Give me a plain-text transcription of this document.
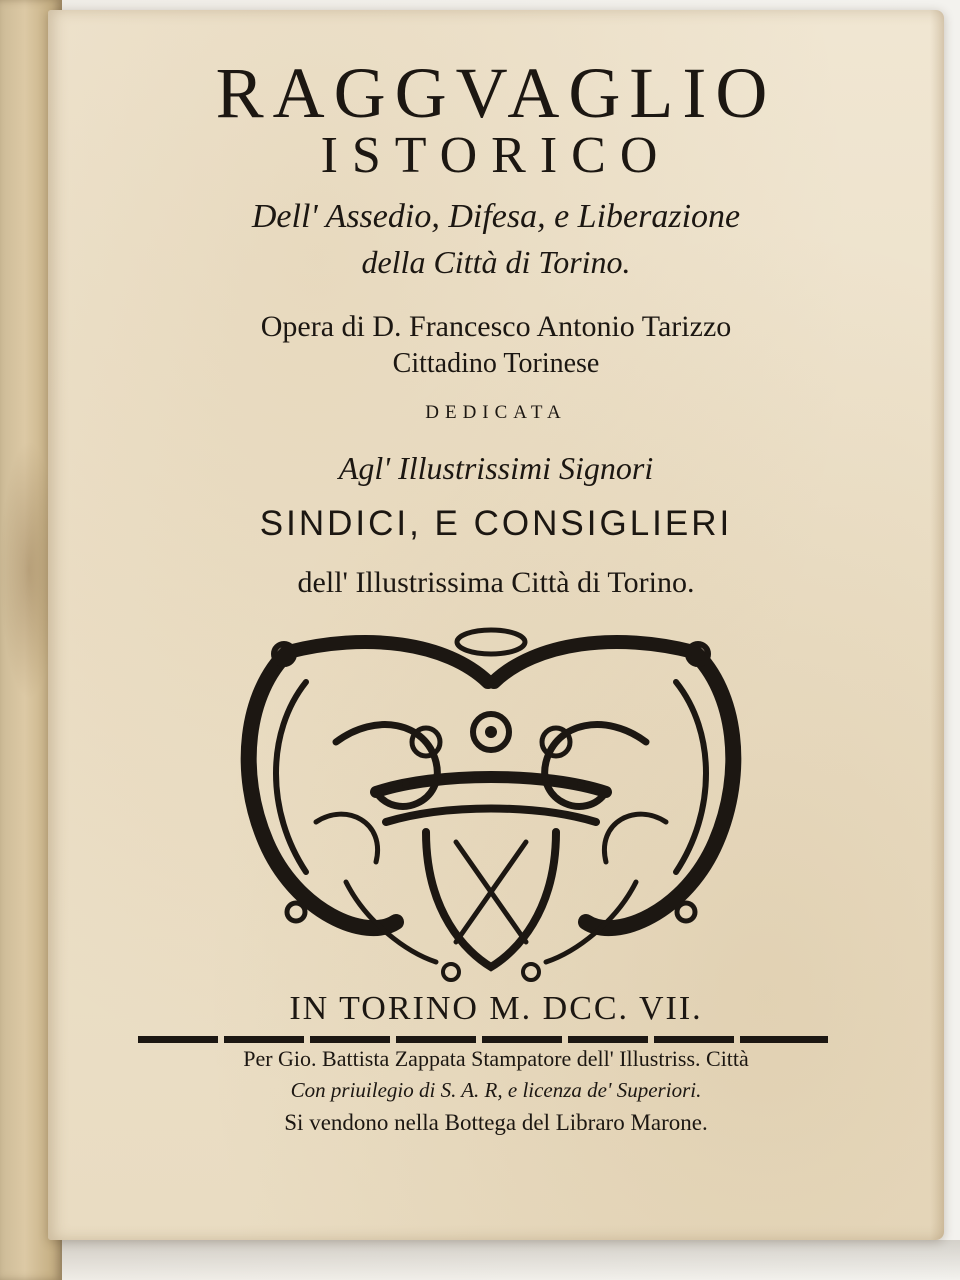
RAGGVAGLIO
ISTORICO
Dell' Assedio, Difesa, e Liberazione
della Città di Torino.
Opera di D. Francesco Antonio Tarizzo
Cittadino Torinese
DEDICATA
Agl' Illustrissimi Signori
SINDICI, E CONSIGLIERI
dell' Illustrissima Città di Torino.
IN TORINO M. DCC. VII.
Per Gio. Battista Zappata Stampatore dell' Illustriss. Città
Con priuilegio di S. A. R, e licenza de' Superiori.
Si vendono nella Bottega del Libraro Marone.
